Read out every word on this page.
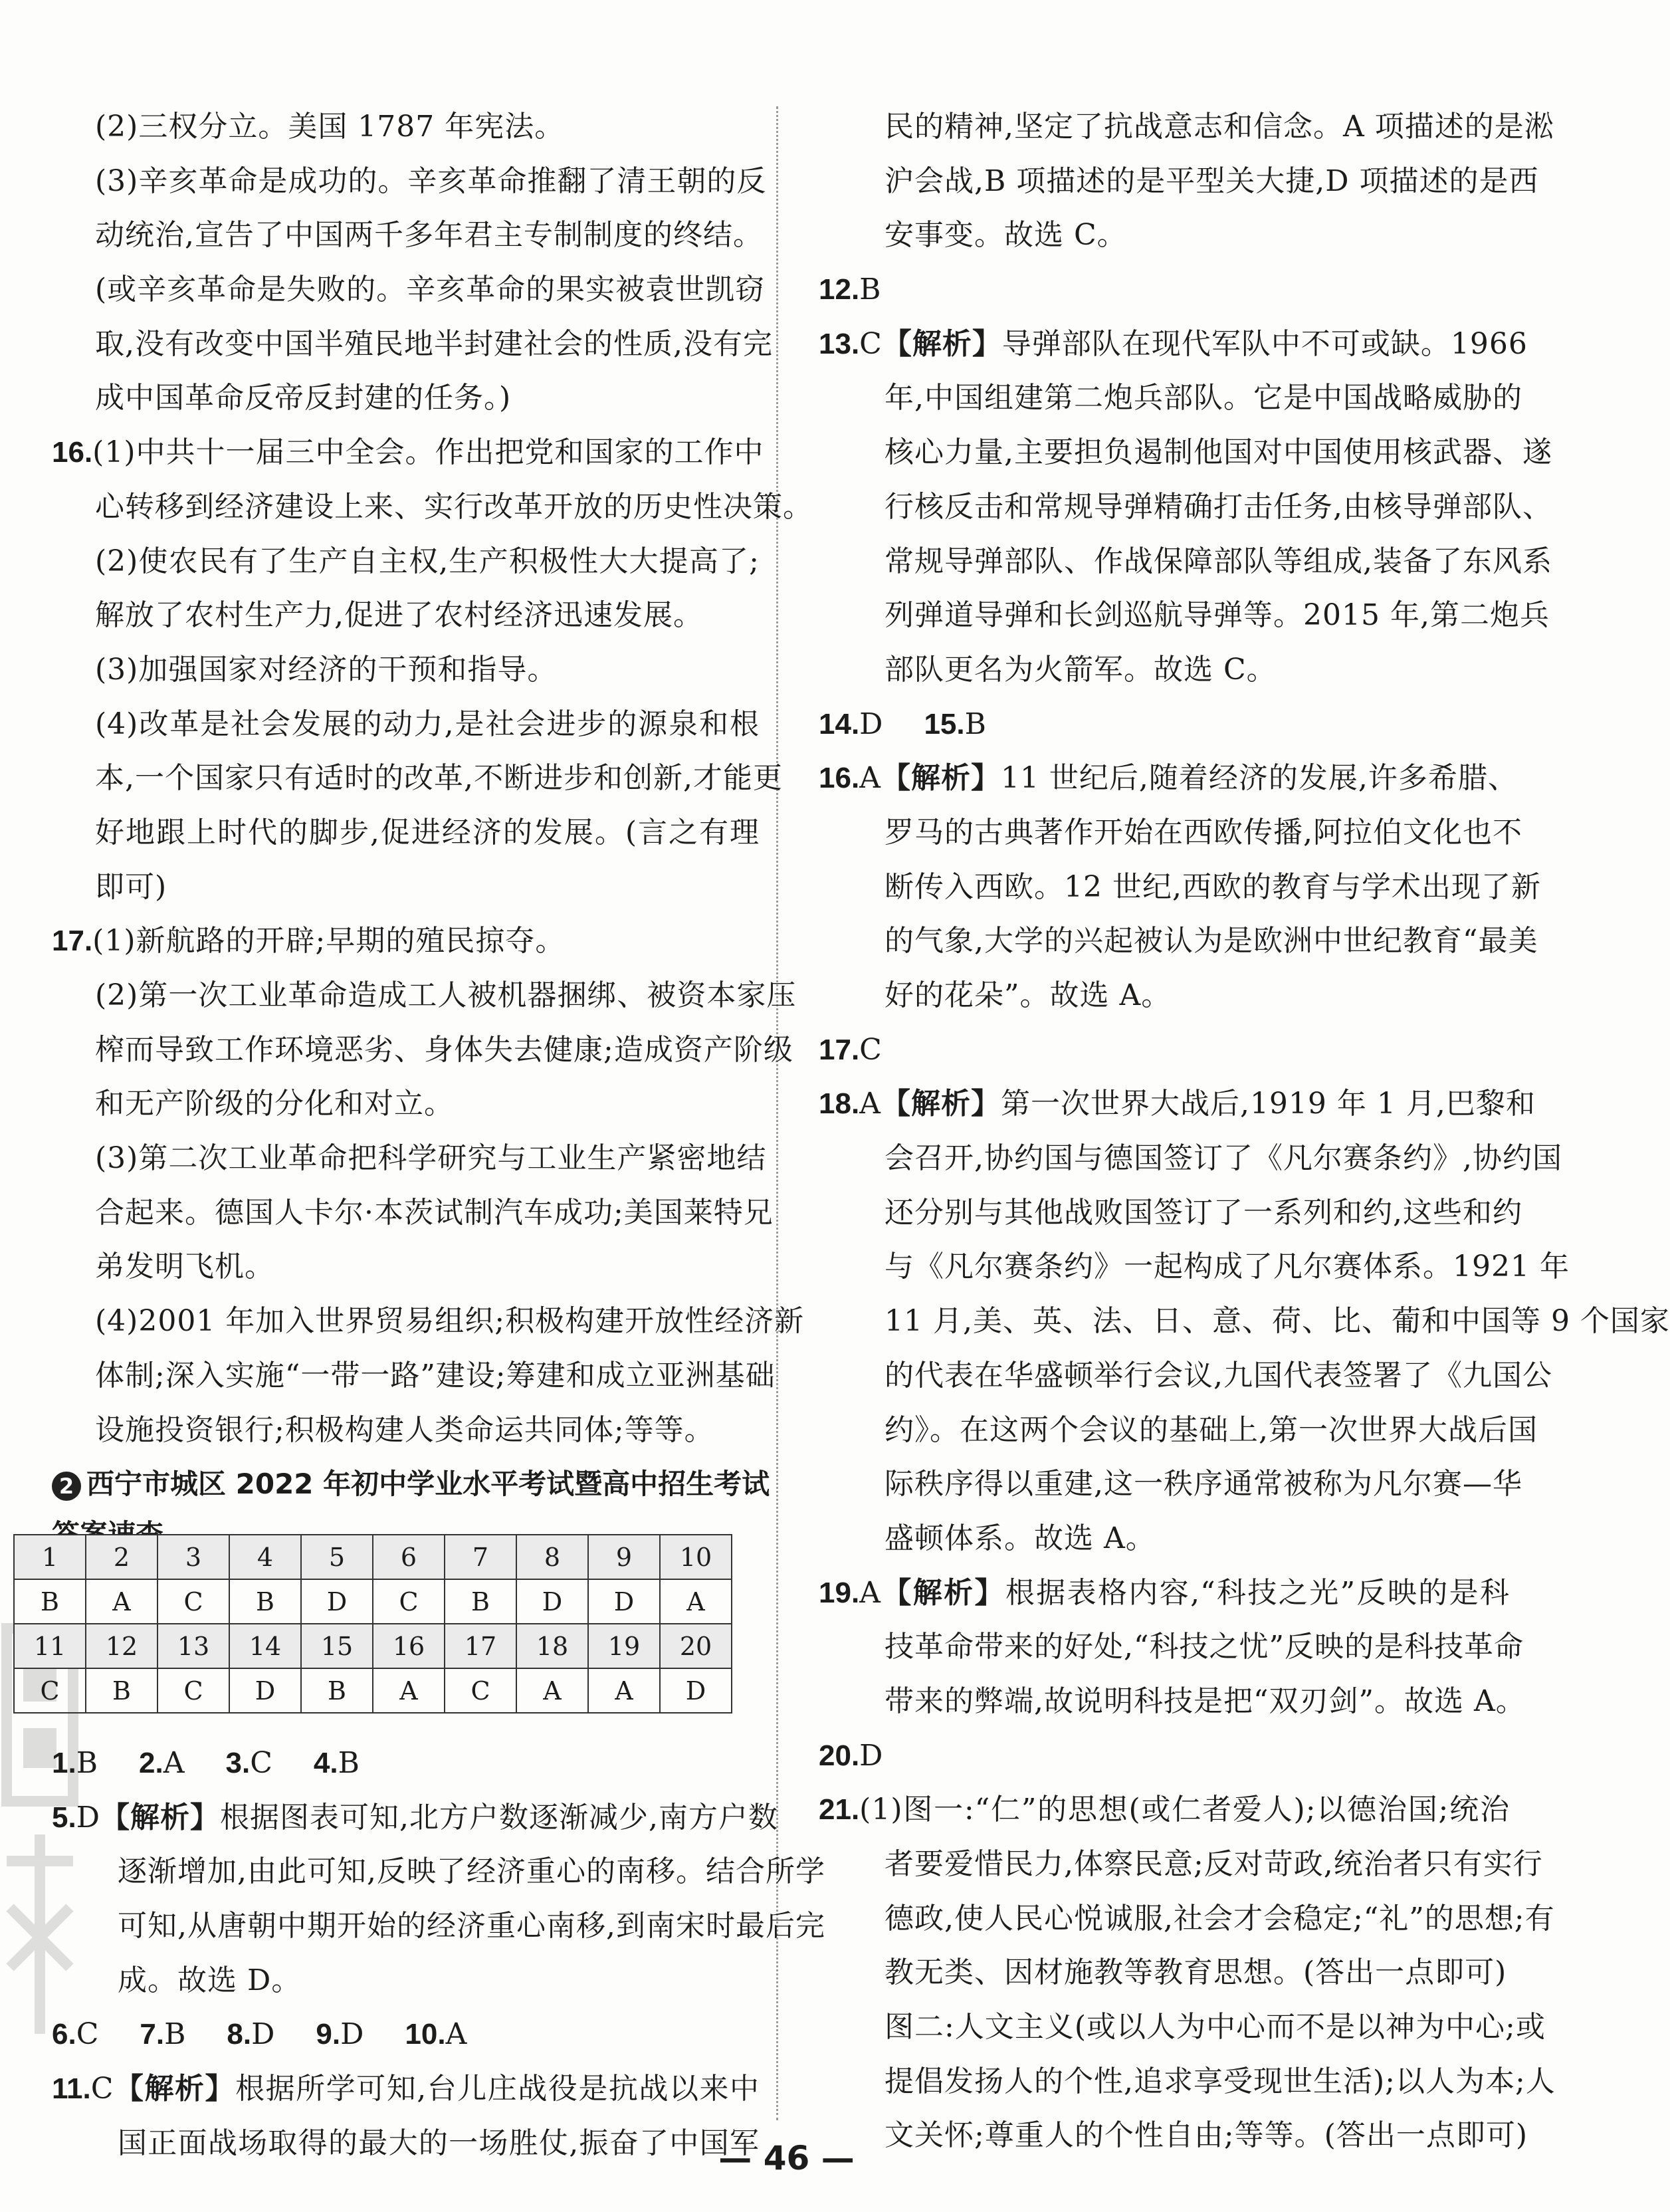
(2)三权分立。美国 1787 年宪法。
(3)辛亥革命是成功的。辛亥革命推翻了清王朝的反
动统治,宣告了中国两千多年君主专制制度的终结。
(或辛亥革命是失败的。辛亥革命的果实被袁世凯窃
取,没有改变中国半殖民地半封建社会的性质,没有完
成中国革命反帝反封建的任务。)
16.(1)中共十一届三中全会。作出把党和国家的工作中
心转移到经济建设上来、实行改革开放的历史性决策。
(2)使农民有了生产自主权,生产积极性大大提高了;
解放了农村生产力,促进了农村经济迅速发展。
(3)加强国家对经济的干预和指导。
(4)改革是社会发展的动力,是社会进步的源泉和根
本,一个国家只有适时的改革,不断进步和创新,才能更
好地跟上时代的脚步,促进经济的发展。(言之有理
即可)
17.(1)新航路的开辟;早期的殖民掠夺。
(2)第一次工业革命造成工人被机器捆绑、被资本家压
榨而导致工作环境恶劣、身体失去健康;造成资产阶级
和无产阶级的分化和对立。
(3)第二次工业革命把科学研究与工业生产紧密地结
合起来。德国人卡尔·本茨试制汽车成功;美国莱特兄
弟发明飞机。
(4)2001 年加入世界贸易组织;积极构建开放性经济新
体制;深入实施“一带一路”建设;筹建和成立亚洲基础
设施投资银行;积极构建人类命运共同体;等等。
2 西宁市城区 2022 年初中学业水平考试暨高中招生考试
1	2	3	4	5	6	7	8	9	10
B	A	C	B	D	C	B	D	D	A
11	12	13	14	15	16	17	18	19	20
C	B	C	D	B	A	C	A	A	D
1.B 2.A 3.C 4.B
5.D【解析】根据图表可知,北方户数逐渐减少,南方户数
逐渐增加,由此可知,反映了经济重心的南移。结合所学
可知,从唐朝中期开始的经济重心南移,到南宋时最后完
成。故选 D。
6.C 7.B 8.D 9.D 10.A
11.C【解析】根据所学可知,台儿庄战役是抗战以来中
国正面战场取得的最大的一场胜仗,振奋了中国军
民的精神,坚定了抗战意志和信念。A 项描述的是淞
沪会战,B 项描述的是平型关大捷,D 项描述的是西
安事变。故选 C。
12.B
13.C【解析】导弹部队在现代军队中不可或缺。1966
年,中国组建第二炮兵部队。它是中国战略威胁的
核心力量,主要担负遏制他国对中国使用核武器、遂
行核反击和常规导弹精确打击任务,由核导弹部队、
常规导弹部队、作战保障部队等组成,装备了东风系
列弹道导弹和长剑巡航导弹等。2015 年,第二炮兵
部队更名为火箭军。故选 C。
14.D 15.B
16.A【解析】11 世纪后,随着经济的发展,许多希腊、
罗马的古典著作开始在西欧传播,阿拉伯文化也不
断传入西欧。12 世纪,西欧的教育与学术出现了新
的气象,大学的兴起被认为是欧洲中世纪教育“最美
好的花朵”。故选 A。
17.C
18.A【解析】第一次世界大战后,1919 年 1 月,巴黎和
会召开,协约国与德国签订了《凡尔赛条约》,协约国
还分别与其他战败国签订了一系列和约,这些和约
与《凡尔赛条约》一起构成了凡尔赛体系。1921 年
11 月,美、英、法、日、意、荷、比、葡和中国等 9 个国家
的代表在华盛顿举行会议,九国代表签署了《九国公
约》。在这两个会议的基础上,第一次世界大战后国
际秩序得以重建,这一秩序通常被称为凡尔赛—华
盛顿体系。故选 A。
19.A【解析】根据表格内容,“科技之光”反映的是科
技革命带来的好处,“科技之忧”反映的是科技革命
带来的弊端,故说明科技是把“双刃剑”。故选 A。
20.D
21.(1)图一:“仁”的思想(或仁者爱人);以德治国;统治
者要爱惜民力,体察民意;反对苛政,统治者只有实行
德政,使人民心悦诚服,社会才会稳定;“礼”的思想;有
教无类、因材施教等教育思想。(答出一点即可)
图二:人文主义(或以人为中心而不是以神为中心;或
提倡发扬人的个性,追求享受现世生活);以人为本;人
文关怀;尊重人的个性自由;等等。(答出一点即可)
— 46 —
